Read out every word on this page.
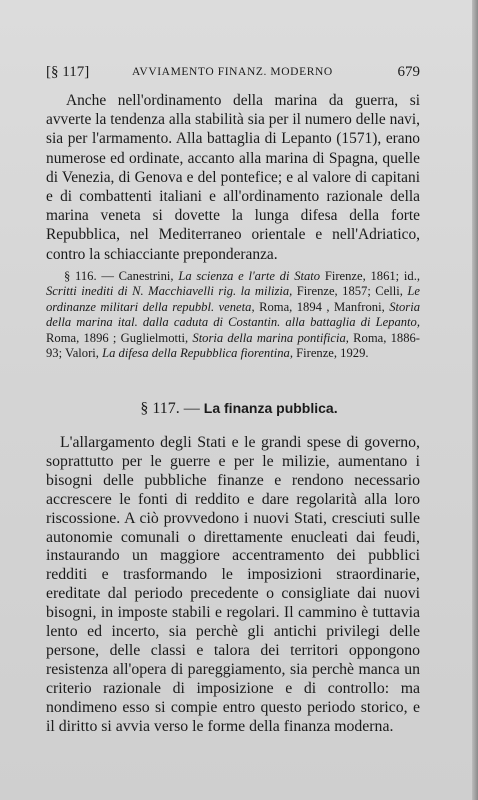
[§ 117]	AVVIAMENTO FINANZ. MODERNO	679
Anche nell'ordinamento della marina da guerra, si avverte la tendenza alla stabilità sia per il numero delle navi, sia per l'armamento. Alla battaglia di Lepanto (1571), erano numerose ed ordinate, accanto alla marina di Spagna, quelle di Venezia, di Genova e del pontefice; e al valore di capitani e di combattenti italiani e all'ordinamento razionale della marina veneta si dovette la lunga difesa della forte Repubblica, nel Mediterraneo orientale e nell'Adriatico, contro la schiacciante preponderanza.
§ 116. — Canestrini, La scienza e l'arte di Stato Firenze, 1861; id., Scritti inediti di N. Macchiavelli rig. la milizia, Firenze, 1857; Celli, Le ordinanze militari della repubbl. veneta, Roma, 1894 , Manfroni, Storia della marina ital. dalla caduta di Costantin. alla battaglia di Lepanto, Roma, 1896 ; Guglielmotti, Storia della marina pontificia, Roma, 1886-93; Valori, La difesa della Repubblica fiorentina, Firenze, 1929.
§ 117. — La finanza pubblica.
L'allargamento degli Stati e le grandi spese di governo, soprattutto per le guerre e per le milizie, aumentano i bisogni delle pubbliche finanze e rendono necessario accrescere le fonti di reddito e dare regolarità alla loro riscossione. A ciò provvedono i nuovi Stati, cresciuti sulle autonomie comunali o direttamente enucleati dai feudi, instaurando un maggiore accentramento dei pubblici redditi e trasformando le imposizioni straordinarie, ereditate dal periodo precedente o consigliate dai nuovi bisogni, in imposte stabili e regolari. Il cammino è tuttavia lento ed incerto, sia perchè gli antichi privilegi delle persone, delle classi e talora dei territori oppongono resistenza all'opera di pareggiamento, sia perchè manca un criterio razionale di imposizione e di controllo: ma nondimeno esso si compie entro questo periodo storico, e il diritto si avvia verso le forme della finanza moderna.
